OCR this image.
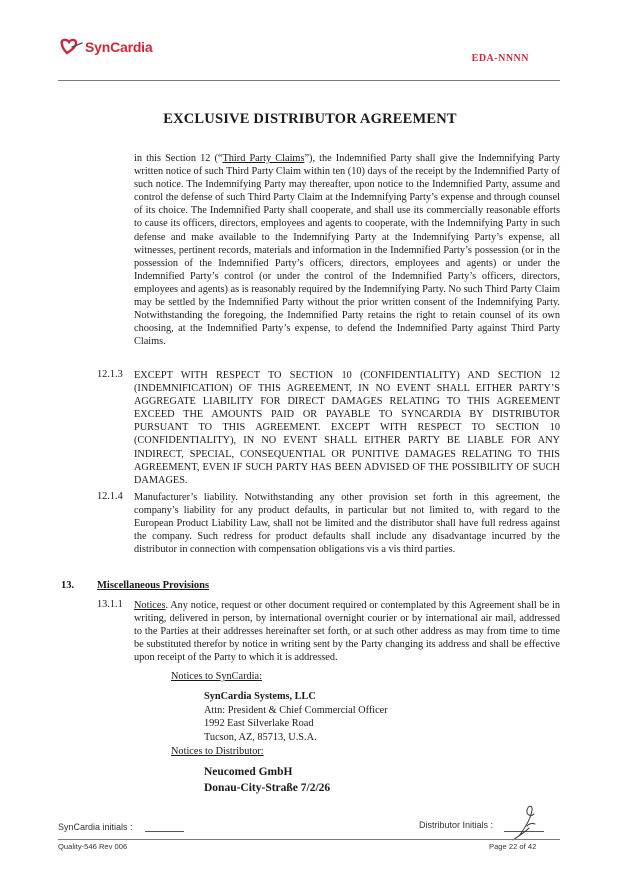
SynCardia
EDA-NNNN
EXCLUSIVE DISTRIBUTOR AGREEMENT
in this Section 12 (“Third Party Claims”), the Indemnified Party shall give the Indemnifying Party written notice of such Third Party Claim within ten (10) days of the receipt by the Indemnified Party of such notice. The Indemnifying Party may thereafter, upon notice to the Indemnified Party, assume and control the defense of such Third Party Claim at the Indemnifying Party’s expense and through counsel of its choice. The Indemnified Party shall cooperate, and shall use its commercially reasonable efforts to cause its officers, directors, employees and agents to cooperate, with the Indemnifying Party in such defense and make available to the Indemnifying Party at the Indemnifying Party’s expense, all witnesses, pertinent records, materials and information in the Indemnified Party’s possession (or in the possession of the Indemnified Party’s officers, directors, employees and agents) or under the Indemnified Party’s control (or under the control of the Indemnified Party’s officers, directors, employees and agents) as is reasonably required by the Indemnifying Party. No such Third Party Claim may be settled by the Indemnified Party without the prior written consent of the Indemnifying Party. Notwithstanding the foregoing, the Indemnified Party retains the right to retain counsel of its own choosing, at the Indemnified Party’s expense, to defend the Indemnified Party against Third Party Claims.
12.1.3 EXCEPT WITH RESPECT TO SECTION 10 (CONFIDENTIALITY) AND SECTION 12 (INDEMNIFICATION) OF THIS AGREEMENT, IN NO EVENT SHALL EITHER PARTY’S AGGREGATE LIABILITY FOR DIRECT DAMAGES RELATING TO THIS AGREEMENT EXCEED THE AMOUNTS PAID OR PAYABLE TO SYNCARDIA BY DISTRIBUTOR PURSUANT TO THIS AGREEMENT. EXCEPT WITH RESPECT TO SECTION 10 (CONFIDENTIALITY), IN NO EVENT SHALL EITHER PARTY BE LIABLE FOR ANY INDIRECT, SPECIAL, CONSEQUENTIAL OR PUNITIVE DAMAGES RELATING TO THIS AGREEMENT, EVEN IF SUCH PARTY HAS BEEN ADVISED OF THE POSSIBILITY OF SUCH DAMAGES.
12.1.4 Manufacturer’s liability. Notwithstanding any other provision set forth in this agreement, the company’s liability for any product defaults, in particular but not limited to, with regard to the European Product Liability Law, shall not be limited and the distributor shall have full redress against the company. Such redress for product defaults shall include any disadvantage incurred by the distributor in connection with compensation obligations vis a vis third parties.
13. Miscellaneous Provisions
13.1.1 Notices. Any notice, request or other document required or contemplated by this Agreement shall be in writing, delivered in person, by international overnight courier or by international air mail, addressed to the Parties at their addresses hereinafter set forth, or at such other address as may from time to time be substituted therefor by notice in writing sent by the Party changing its address and shall be effective upon receipt of the Party to which it is addressed.
Notices to SynCardia:
SynCardia Systems, LLC
Attn: President & Chief Commercial Officer
1992 East Silverlake Road
Tucson, AZ, 85713, U.S.A.
Notices to Distributor:
Neucomed GmbH
Donau-City-Straße 7/2/26
SynCardia initials :	Distributor Initials :
Quality-546 Rev 006	Page 22 of 42
